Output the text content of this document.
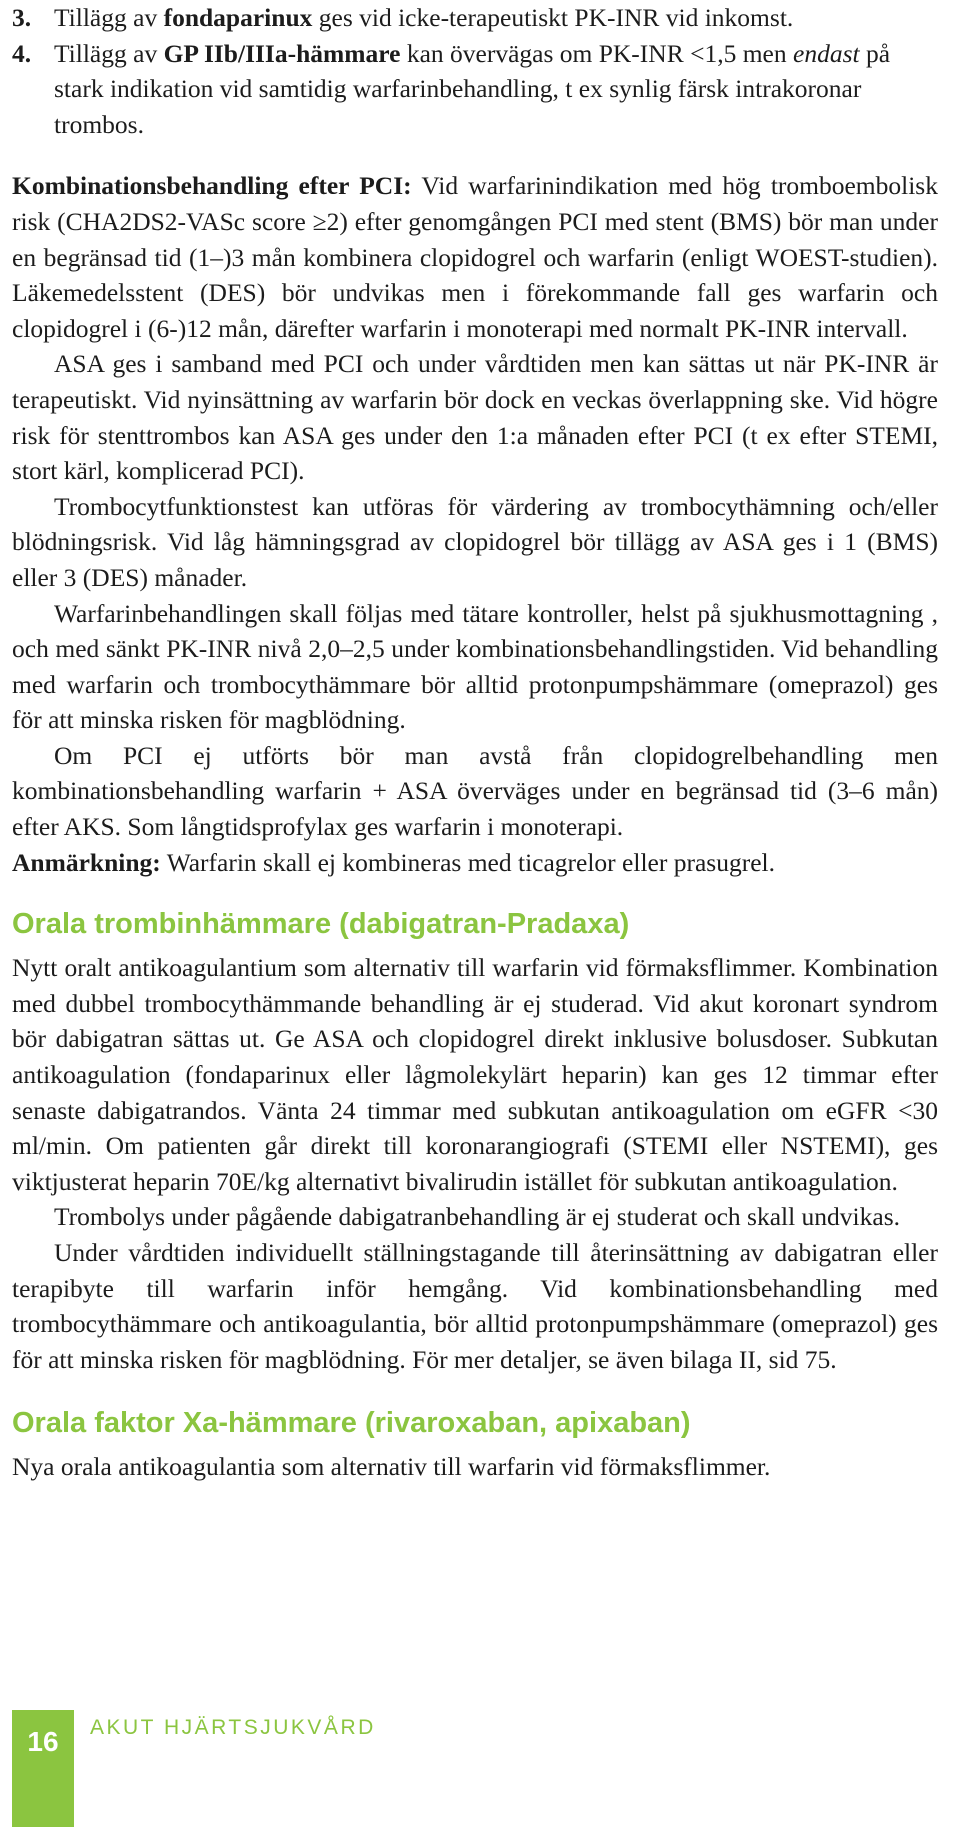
3. Tillägg av fondaparinux ges vid icke-terapeutiskt PK-INR vid inkomst.
4. Tillägg av GP IIb/IIIa-hämmare kan övervägas om PK-INR <1,5 men endast på stark indikation vid samtidig warfarinbehandling, t ex synlig färsk intrakoronar trombos.

Kombinationsbehandling efter PCI: Vid warfarinindikation med hög tromboembolisk risk (CHA2DS2-VASc score ≥2) efter genomgången PCI med stent (BMS) bör man under en begränsad tid (1–)3 mån kombinera clopidogrel och warfarin (enligt WOEST-studien). Läkemedelsstent (DES) bör undvikas men i förekommande fall ges warfarin och clopidogrel i (6-)12 mån, därefter warfarin i monoterapi med normalt PK-INR intervall.

ASA ges i samband med PCI och under vårdtiden men kan sättas ut när PK-INR är terapeutiskt. Vid nyinsättning av warfarin bör dock en veckas överlappning ske. Vid högre risk för stenttrombos kan ASA ges under den 1:a månaden efter PCI (t ex efter STEMI, stort kärl, komplicerad PCI).

Trombocytfunktionstest kan utföras för värdering av trombocythämning och/eller blödningsrisk. Vid låg hämningsgrad av clopidogrel bör tillägg av ASA ges i 1 (BMS) eller 3 (DES) månader.

Warfarinbehandlingen skall följas med tätare kontroller, helst på sjukhusmottagning , och med sänkt PK-INR nivå 2,0–2,5 under kombinationsbehandlingstiden. Vid behandling med warfarin och trombocythämmare bör alltid protonpumpshämmare (omeprazol) ges för att minska risken för magblödning.

Om PCI ej utförts bör man avstå från clopidogrelbehandling men kombinationsbehandling warfarin + ASA överväges under en begränsad tid (3–6 mån) efter AKS. Som långtidsprofylax ges warfarin i monoterapi.

Anmärkning: Warfarin skall ej kombineras med ticagrelor eller prasugrel.

Orala trombinhämmare (dabigatran-Pradaxa)

Nytt oralt antikoagulantium som alternativ till warfarin vid förmaksflimmer. Kombination med dubbel trombocythämmande behandling är ej studerad. Vid akut koronart syndrom bör dabigatran sättas ut. Ge ASA och clopidogrel direkt inklusive bolusdoser. Subkutan antikoagulation (fondaparinux eller lågmolekylärt heparin) kan ges 12 timmar efter senaste dabigatrandos. Vänta 24 timmar med subkutan antikoagulation om eGFR <30 ml/min. Om patienten går direkt till koronarangiografi (STEMI eller NSTEMI), ges viktjusterat heparin 70E/kg alternativt bivalirudin istället för subkutan antikoagulation.

Trombolys under pågående dabigatranbehandling är ej studerat och skall undvikas.

Under vårdtiden individuellt ställningstagande till återinsättning av dabigatran eller terapibyte till warfarin inför hemgång. Vid kombinationsbehandling med trombocythämmare och antikoagulantia, bör alltid protonpumpshämmare (omeprazol) ges för att minska risken för magblödning. För mer detaljer, se även bilaga II, sid 75.

Orala faktor Xa-hämmare (rivaroxaban, apixaban)

Nya orala antikoagulantia som alternativ till warfarin vid förmaksflimmer.

16	AKUT HJÄRTSJUKVÅRD
